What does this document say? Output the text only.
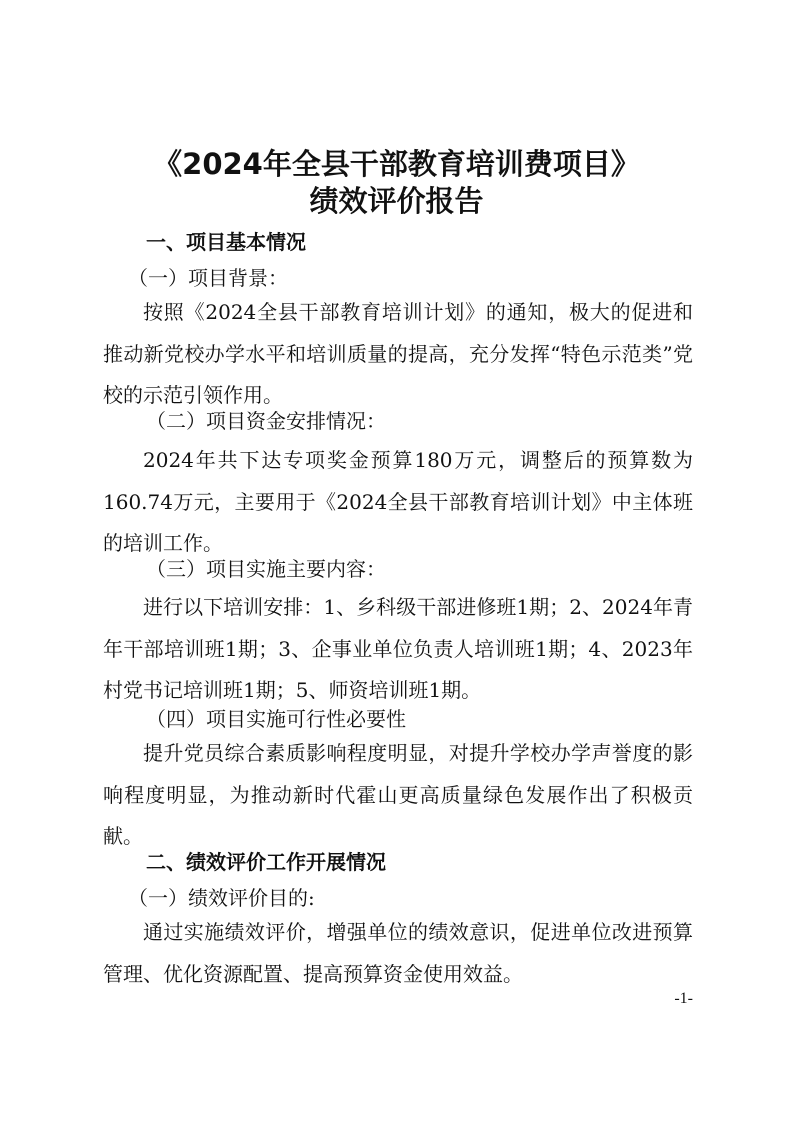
《2024年全县干部教育培训费项目》
绩效评价报告
一、项目基本情况
（一）项目背景：

按照《2024全县干部教育培训计划》的通知，极大的促进和推动新党校办学水平和培训质量的提高，充分发挥“特色示范类”党校的示范引领作用。

（二）项目资金安排情况：

2024年共下达专项奖金预算180万元，调整后的预算数为160.74万元，主要用于《2024全县干部教育培训计划》中主体班的培训工作。

（三）项目实施主要内容：

进行以下培训安排：1、乡科级干部进修班1期；2、2024年青年干部培训班1期；3、企事业单位负责人培训班1期；4、2023年村党书记培训班1期；5、师资培训班1期。

（四）项目实施可行性必要性

提升党员综合素质影响程度明显，对提升学校办学声誉度的影响程度明显，为推动新时代霍山更高质量绿色发展作出了积极贡献。

二、绩效评价工作开展情况
（一）绩效评价目的:

通过实施绩效评价，增强单位的绩效意识，促进单位改进预算管理、优化资源配置、提高预算资金使用效益。

-1-
